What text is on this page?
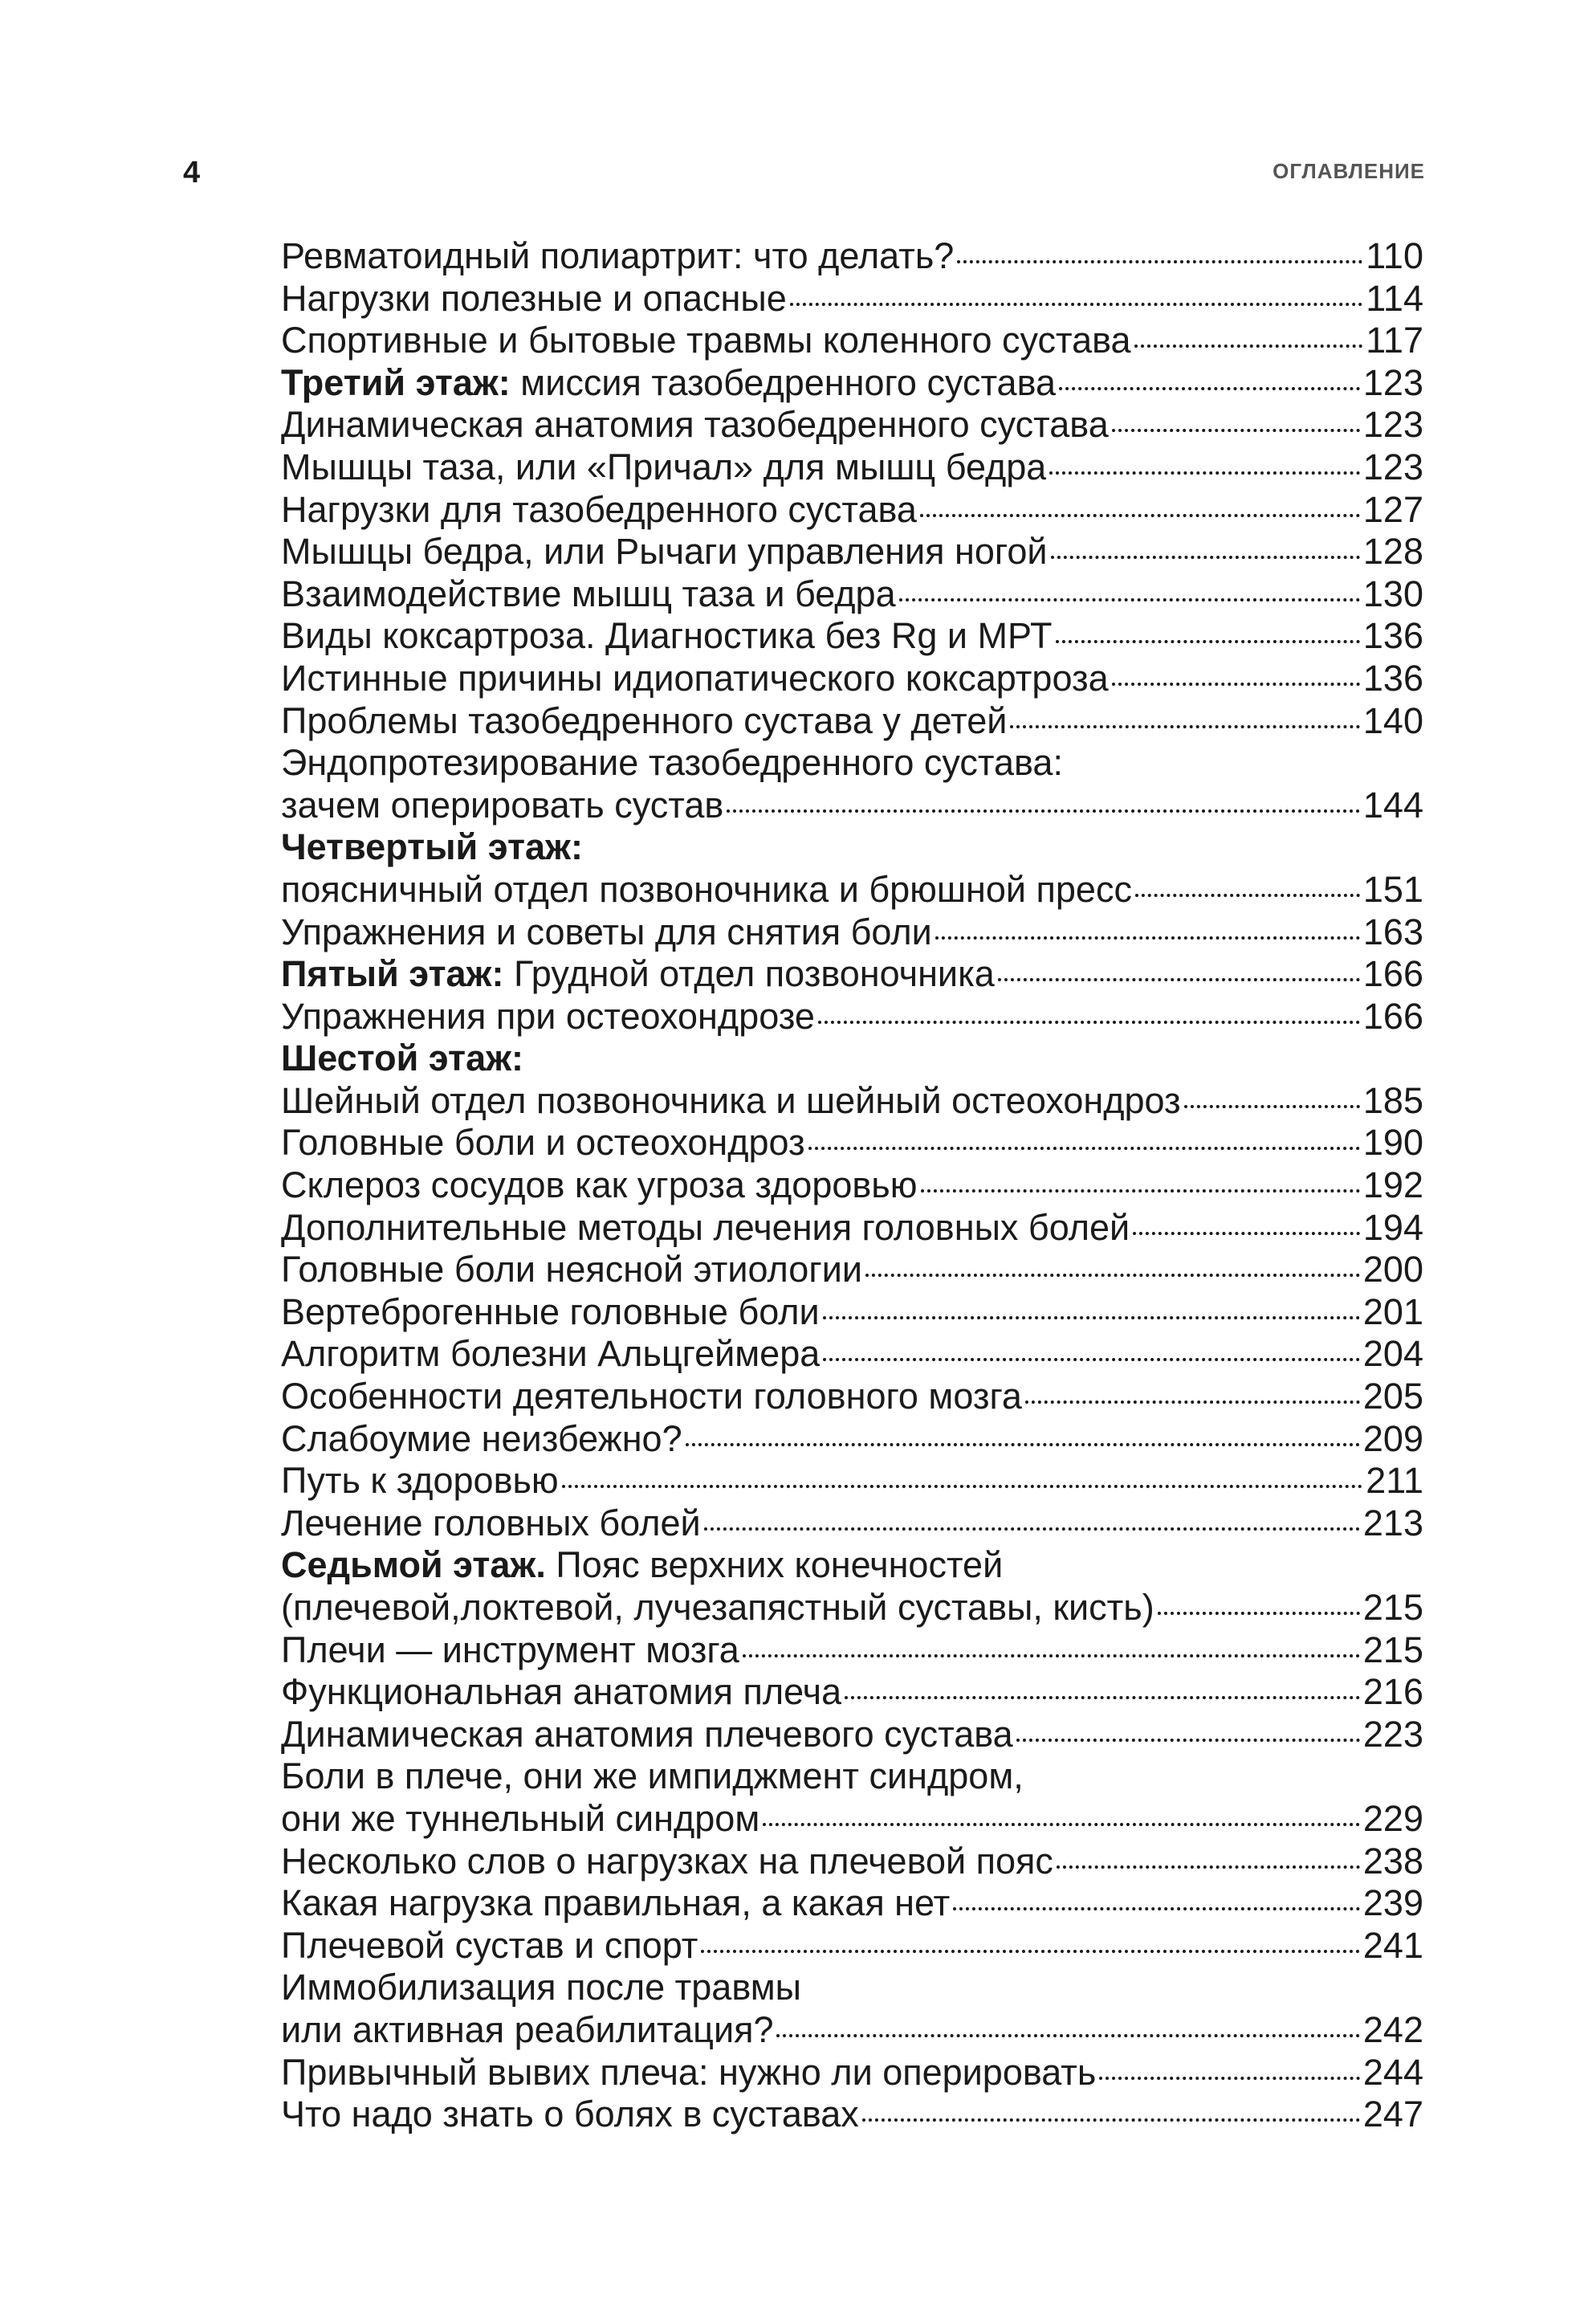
4	ОГЛАВЛЕНИЕ
Ревматоидный полиартрит: что делать?	110
Нагрузки полезные и опасные	114
Спортивные и бытовые травмы коленного сустава	117
Третий этаж: миссия тазобедренного сустава	123
Динамическая анатомия тазобедренного сустава	123
Мышцы таза, или «Причал» для мышц бедра	123
Нагрузки для тазобедренного сустава	127
Мышцы бедра, или Рычаги управления ногой	128
Взаимодействие мышц таза и бедра	130
Виды коксартроза. Диагностика без Rg и МРТ	136
Истинные причины идиопатического коксартроза	136
Проблемы тазобедренного сустава у детей	140
Эндопротезирование тазобедренного сустава:
зачем оперировать сустав	144
Четвертый этаж:
поясничный отдел позвоночника и брюшной пресс	151
Упражнения и советы для снятия боли	163
Пятый этаж: Грудной отдел позвоночника	166
Упражнения при остеохондрозе	166
Шестой этаж:
Шейный отдел позвоночника и шейный остеохондроз	185
Головные боли и остеохондроз	190
Склероз сосудов как угроза здоровью	192
Дополнительные методы лечения головных болей	194
Головные боли неясной этиологии	200
Вертеброгенные головные боли	201
Алгоритм болезни Альцгеймера	204
Особенности деятельности головного мозга	205
Слабоумие неизбежно?	209
Путь к здоровью	211
Лечение головных болей	213
Седьмой этаж. Пояс верхних конечностей
(плечевой,локтевой, лучезапястный суставы, кисть)	215
Плечи — инструмент мозга	215
Функциональная анатомия плеча	216
Динамическая анатомия плечевого сустава	223
Боли в плече, они же импиджмент синдром,
они же туннельный синдром	229
Несколько слов о нагрузках на плечевой пояс	238
Какая нагрузка правильная, а какая нет	239
Плечевой сустав и спорт	241
Иммобилизация после травмы
или активная реабилитация?	242
Привычный вывих плеча: нужно ли оперировать	244
Что надо знать о болях в суставах	247
